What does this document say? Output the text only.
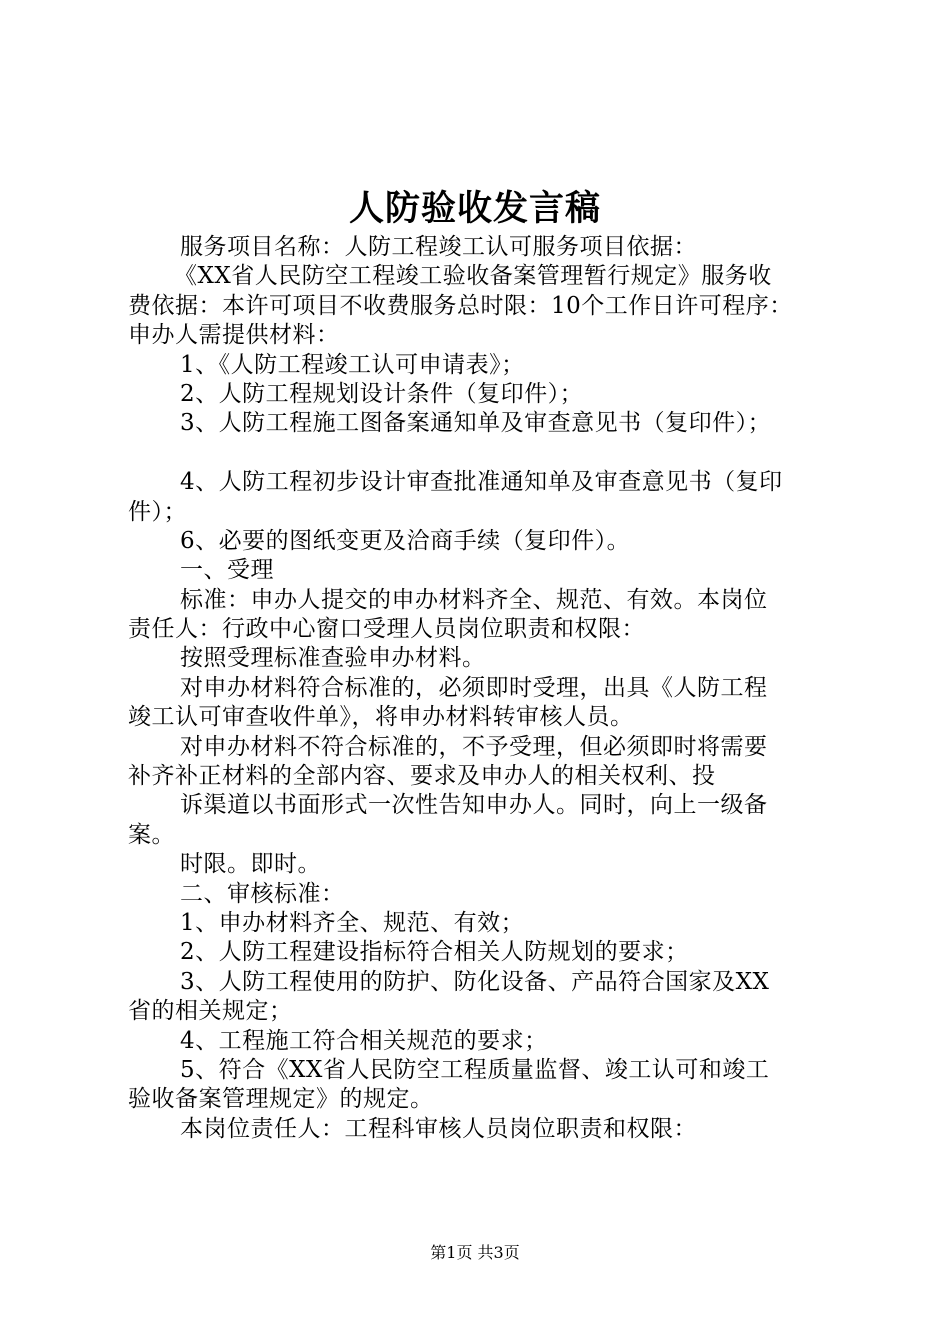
人防验收发言稿
服务项目名称：人防工程竣工认可服务项目依据：
《XX省人民防空工程竣工验收备案管理暂行规定》服务收
费依据：本许可项目不收费服务总时限：10个工作日许可程序：
申办人需提供材料：
1、《人防工程竣工认可申请表》；
2、人防工程规划设计条件（复印件）；
3、人防工程施工图备案通知单及审查意见书（复印件）；
4、人防工程初步设计审查批准通知单及审查意见书（复印
件）；
6、必要的图纸变更及洽商手续（复印件）。
一、受理
标准：申办人提交的申办材料齐全、规范、有效。本岗位
责任人：行政中心窗口受理人员岗位职责和权限：
按照受理标准查验申办材料。
对申办材料符合标准的，必须即时受理，出具《人防工程
竣工认可审查收件单》，将申办材料转审核人员。
对申办材料不符合标准的，不予受理，但必须即时将需要
补齐补正材料的全部内容、要求及申办人的相关权利、投
诉渠道以书面形式一次性告知申办人。同时，向上一级备
案。
时限。即时。
二、审核标准：
1、申办材料齐全、规范、有效；
2、人防工程建设指标符合相关人防规划的要求；
3、人防工程使用的防护、防化设备、产品符合国家及XX
省的相关规定；
4、工程施工符合相关规范的要求；
5、符合《XX省人民防空工程质量监督、竣工认可和竣工
验收备案管理规定》的规定。
本岗位责任人：工程科审核人员岗位职责和权限：
第1页 共3页
